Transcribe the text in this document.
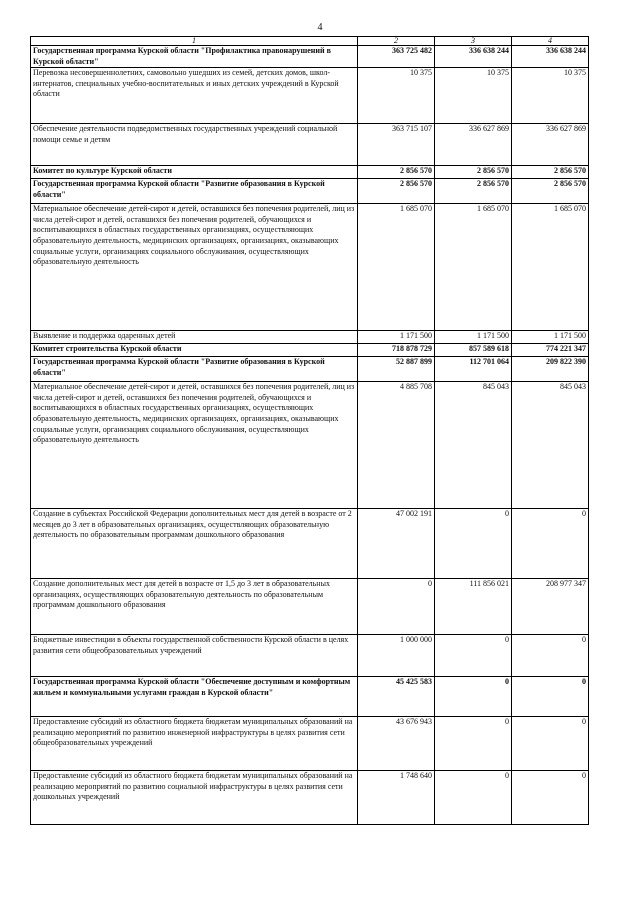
4
1	2	3	4
Государственная программа Курской области "Профилактика правонарушений в Курской области"	363 725 482	336 638 244	336 638 244
Перевозка несовершеннолетних, самовольно ушедших из семей, детских домов, школ-интернатов, специальных учебно-воспитательных и иных детских учреждений в Курской области	10 375	10 375	10 375
Обеспечение деятельности подведомственных государственных учреждений социальной помощи семье и детям	363 715 107	336 627 869	336 627 869
Комитет по культуре Курской области	2 856 570	2 856 570	2 856 570
Государственная программа Курской области "Развитие образования в Курской области"	2 856 570	2 856 570	2 856 570
Материальное обеспечение детей-сирот и детей, оставшихся без попечения родителей, лиц из числа детей-сирот и детей, оставшихся без попечения родителей, обучающихся и воспитывающихся в областных государственных организациях, осуществляющих образовательную деятельность, медицинских организациях, организациях, оказывающих социальные услуги, организациях социального обслуживания, осуществляющих образовательную деятельность	1 685 070	1 685 070	1 685 070
Выявление и поддержка одаренных детей	1 171 500	1 171 500	1 171 500
Комитет строительства Курской области	718 878 729	857 589 618	774 221 347
Государственная программа Курской области "Развитие образования в Курской области"	52 887 899	112 701 064	209 822 390
Материальное обеспечение детей-сирот и детей, оставшихся без попечения родителей, лиц из числа детей-сирот и детей, оставшихся без попечения родителей, обучающихся и воспитывающихся в областных государственных организациях, осуществляющих образовательную деятельность, медицинских организациях, организациях, оказывающих социальные услуги, организациях социального обслуживания, осуществляющих образовательную деятельность	4 885 708	845 043	845 043
Создание в субъектах Российской Федерации дополнительных мест для детей в возрасте от 2 месяцев до 3 лет в образовательных организациях, осуществляющих образовательную деятельность по образовательным программам дошкольного образования	47 002 191	0	0
Создание дополнительных мест для детей в возрасте от 1,5 до 3 лет в образовательных организациях, осуществляющих образовательную деятельность по образовательным программам дошкольного образования	0	111 856 021	208 977 347
Бюджетные инвестиции в объекты государственной собственности Курской области в целях развития сети общеобразовательных учреждений	1 000 000	0	0
Государственная программа Курской области "Обеспечение доступным и комфортным жильем и коммунальными услугами граждан в Курской области"	45 425 583	0	0
Предоставление субсидий из областного бюджета бюджетам муниципальных образований на реализацию мероприятий по развитию инженерной инфраструктуры в целях развития сети общеобразовательных учреждений	43 676 943	0	0
Предоставление субсидий из областного бюджета бюджетам муниципальных образований на реализацию мероприятий по развитию социальной инфраструктуры в целях развития сети дошкольных учреждений	1 748 640	0	0
